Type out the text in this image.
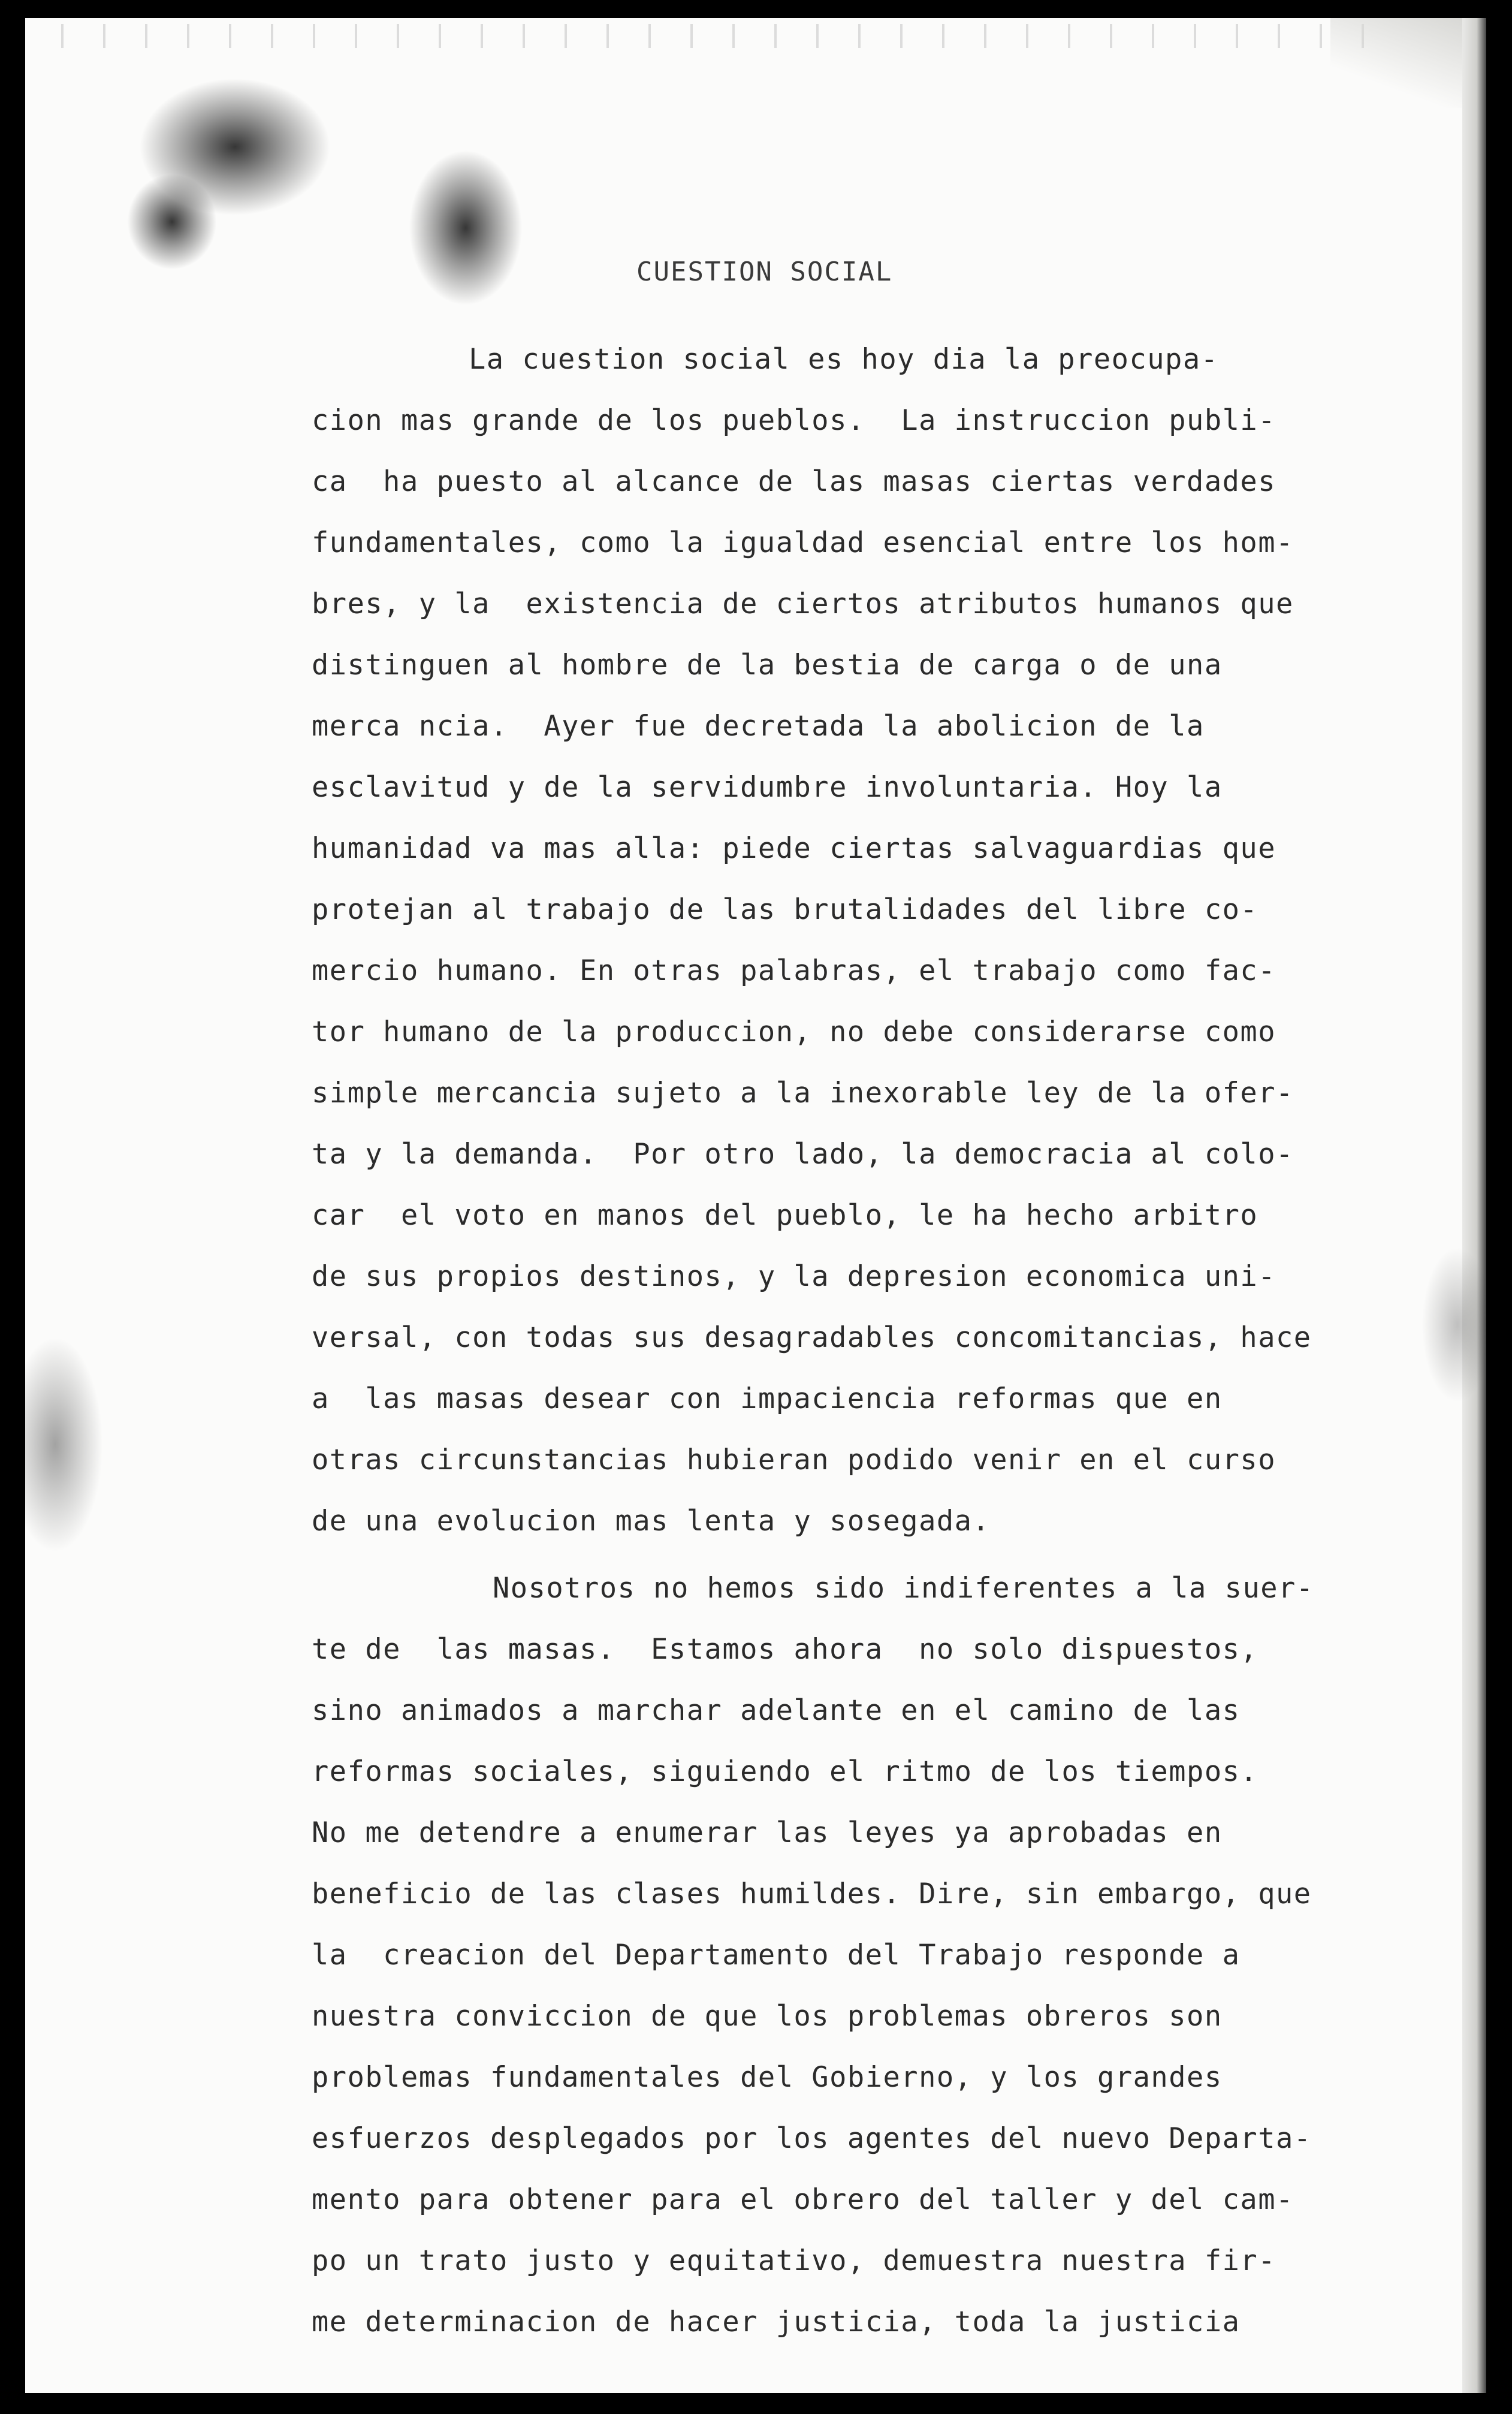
CUESTION SOCIAL
La cuestion social es hoy dia la preocupa-
cion mas grande de los pueblos.  La instruccion publi-
ca  ha puesto al alcance de las masas ciertas verdades
fundamentales, como la igualdad esencial entre los hom-
bres, y la  existencia de ciertos atributos humanos que
distinguen al hombre de la bestia de carga o de una
merca ncia.  Ayer fue decretada la abolicion de la
esclavitud y de la servidumbre involuntaria. Hoy la
humanidad va mas alla: piede ciertas salvaguardias que
protejan al trabajo de las brutalidades del libre co-
mercio humano. En otras palabras, el trabajo como fac-
tor humano de la produccion, no debe considerarse como
simple mercancia sujeto a la inexorable ley de la ofer-
ta y la demanda.  Por otro lado, la democracia al colo-
car  el voto en manos del pueblo, le ha hecho arbitro
de sus propios destinos, y la depresion economica uni-
versal, con todas sus desagradables concomitancias, hace
a  las masas desear con impaciencia reformas que en
otras circunstancias hubieran podido venir en el curso
de una evolucion mas lenta y sosegada.
Nosotros no hemos sido indiferentes a la suer-
te de  las masas.  Estamos ahora  no solo dispuestos,
sino animados a marchar adelante en el camino de las
reformas sociales, siguiendo el ritmo de los tiempos.
No me detendre a enumerar las leyes ya aprobadas en
beneficio de las clases humildes. Dire, sin embargo, que
la  creacion del Departamento del Trabajo responde a
nuestra conviccion de que los problemas obreros son
problemas fundamentales del Gobierno, y los grandes
esfuerzos desplegados por los agentes del nuevo Departa-
mento para obtener para el obrero del taller y del cam-
po un trato justo y equitativo, demuestra nuestra fir-
me determinacion de hacer justicia, toda la justicia
